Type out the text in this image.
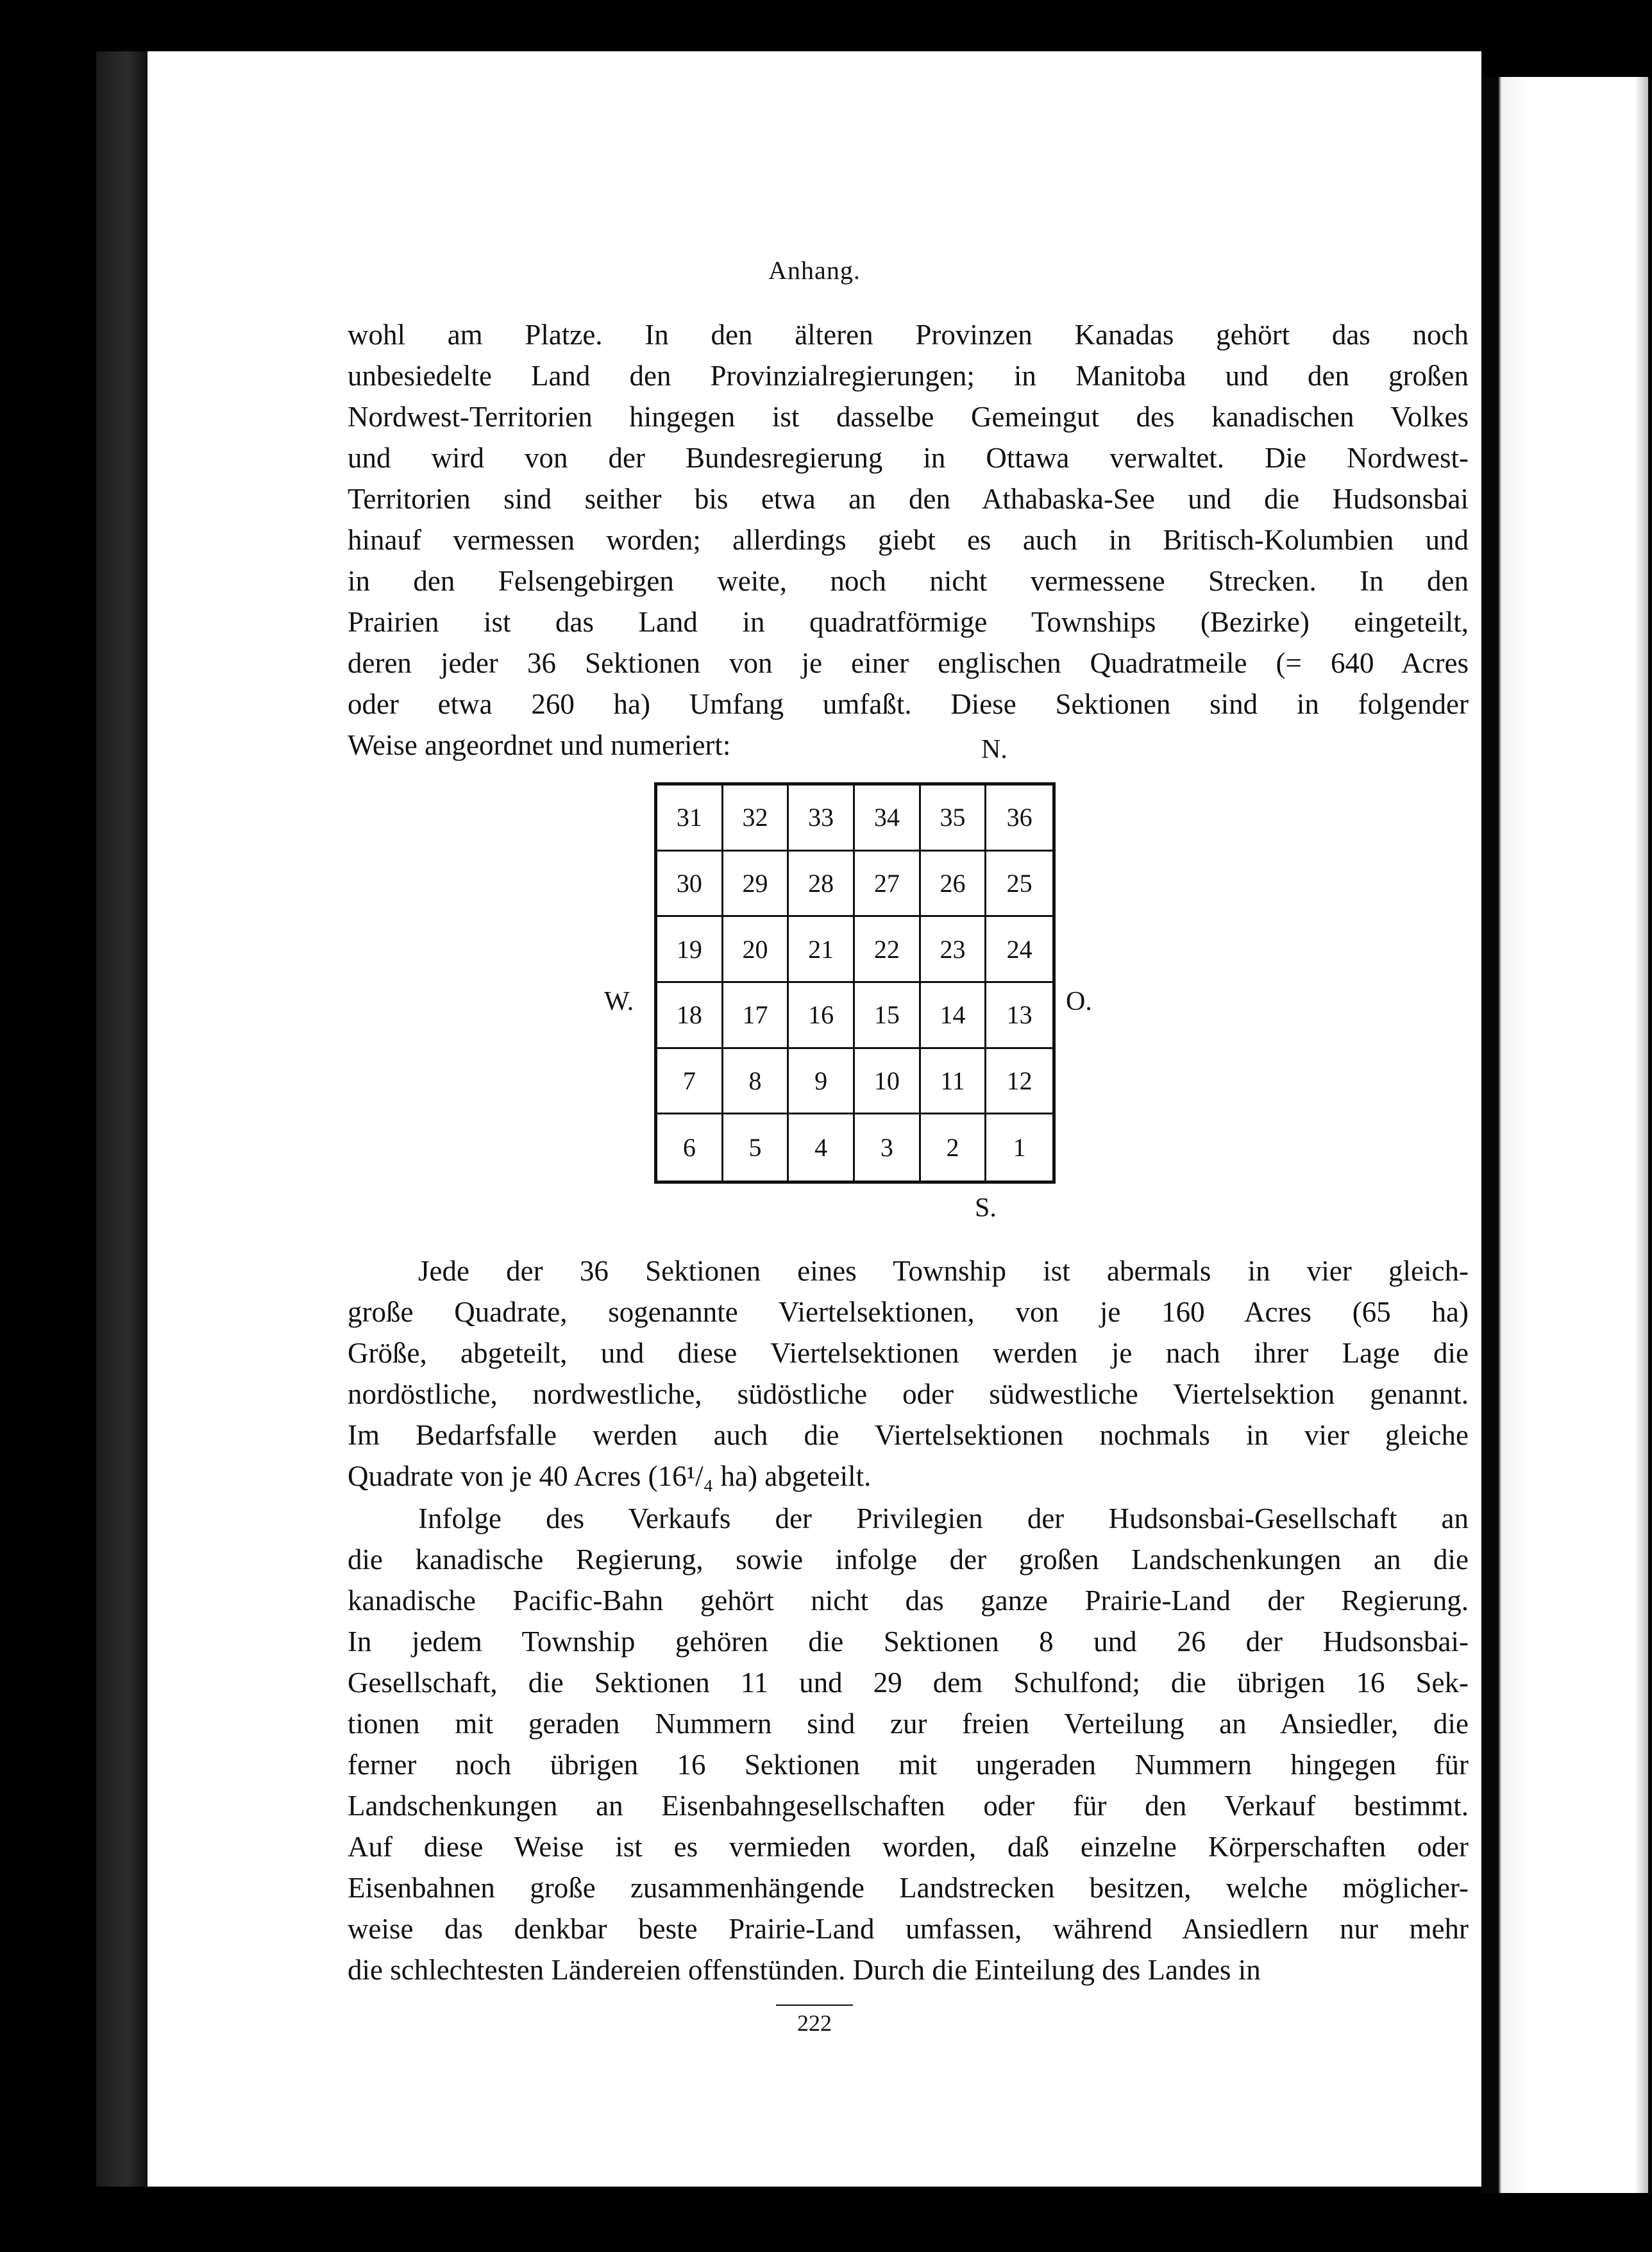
Anhang.
wohl am Platze. In den älteren Provinzen Kanadas gehört das noch
unbesiedelte Land den Provinzialregierungen; in Manitoba und den großen
Nordwest-Territorien hingegen ist dasselbe Gemeingut des kanadischen Volkes
und wird von der Bundesregierung in Ottawa verwaltet. Die Nordwest-
Territorien sind seither bis etwa an den Athabaska-See und die Hudsonsbai
hinauf vermessen worden; allerdings giebt es auch in Britisch-Kolumbien und
in den Felsengebirgen weite, noch nicht vermessene Strecken. In den
Prairien ist das Land in quadratförmige Townships (Bezirke) eingeteilt,
deren jeder 36 Sektionen von je einer englischen Quadratmeile (= 640 Acres
oder etwa 260 ha) Umfang umfaßt. Diese Sektionen sind in folgender
Weise angeordnet und numeriert:	N.
S.
W.	O.
31	32	33	34	35	36
30	29	28	27	26	25
19	20	21	22	23	24
18	17	16	15	14	13
7	8	9	10	11	12
6	5	4	3	2	1
Jede der 36 Sektionen eines Township ist abermals in vier gleich-
große Quadrate, sogenannte Viertelsektionen, von je 160 Acres (65 ha)
Größe, abgeteilt, und diese Viertelsektionen werden je nach ihrer Lage die
nordöstliche, nordwestliche, südöstliche oder südwestliche Viertelsektion genannt.
Im Bedarfsfalle werden auch die Viertelsektionen nochmals in vier gleiche
Quadrate von je 40 Acres (16¹/₄ ha) abgeteilt.
Infolge des Verkaufs der Privilegien der Hudsonsbai-Gesellschaft an
die kanadische Regierung, sowie infolge der großen Landschenkungen an die
kanadische Pacific-Bahn gehört nicht das ganze Prairie-Land der Regierung.
In jedem Township gehören die Sektionen 8 und 26 der Hudsonsbai-
Gesellschaft, die Sektionen 11 und 29 dem Schulfond; die übrigen 16 Sek-
tionen mit geraden Nummern sind zur freien Verteilung an Ansiedler, die
ferner noch übrigen 16 Sektionen mit ungeraden Nummern hingegen für
Landschenkungen an Eisenbahngesellschaften oder für den Verkauf bestimmt.
Auf diese Weise ist es vermieden worden, daß einzelne Körperschaften oder
Eisenbahnen große zusammenhängende Landstrecken besitzen, welche möglicher-
weise das denkbar beste Prairie-Land umfassen, während Ansiedlern nur mehr
die schlechtesten Ländereien offenstünden. Durch die Einteilung des Landes in
222
